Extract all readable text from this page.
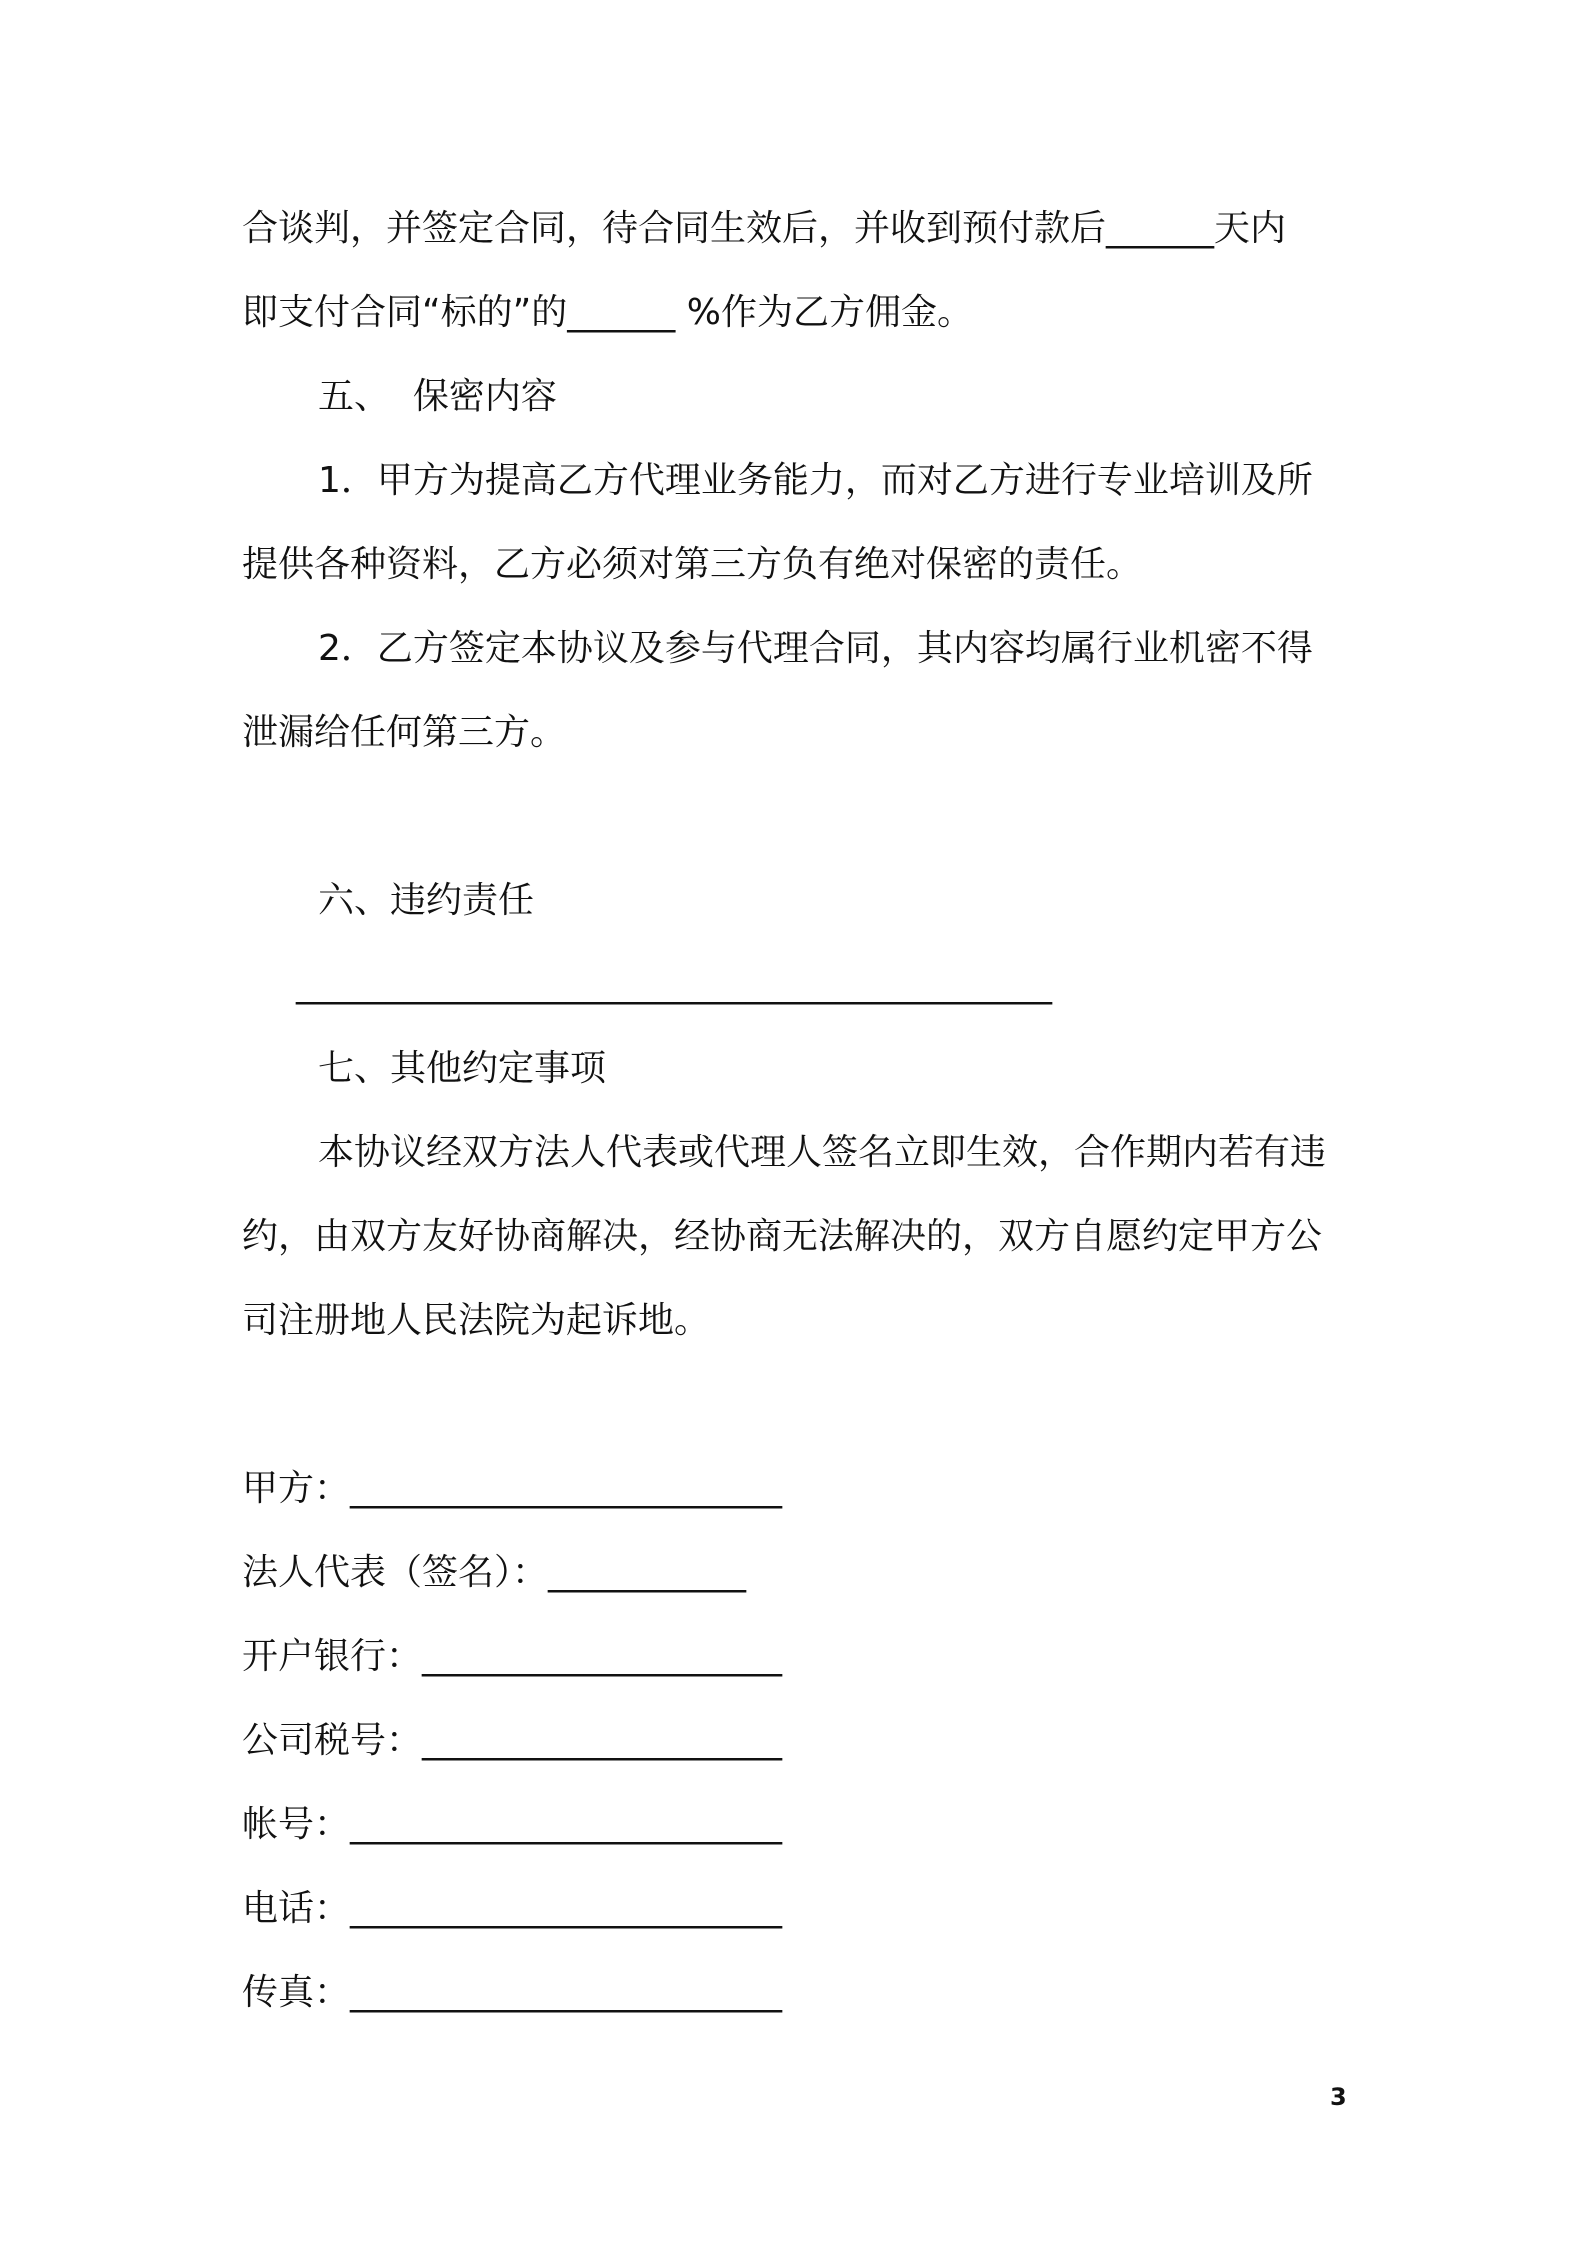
合谈判，并签定合同，待合同生效后，并收到预付款后______天内
即支付合同“标的”的______ %作为乙方佣金。
五、  保密内容
1．甲方为提高乙方代理业务能力，而对乙方进行专业培训及所
提供各种资料，乙方必须对第三方负有绝对保密的责任。
2．乙方签定本协议及参与代理合同，其内容均属行业机密不得
泄漏给任何第三方。
六、违约责任
__________________________________________
七、其他约定事项
本协议经双方法人代表或代理人签名立即生效，合作期内若有违
约，由双方友好协商解决，经协商无法解决的，双方自愿约定甲方公
司注册地人民法院为起诉地。
甲方：________________________
法人代表（签名）：___________
开户银行：____________________
公司税号：____________________
帐号：________________________
电话：________________________
传真：________________________
3
